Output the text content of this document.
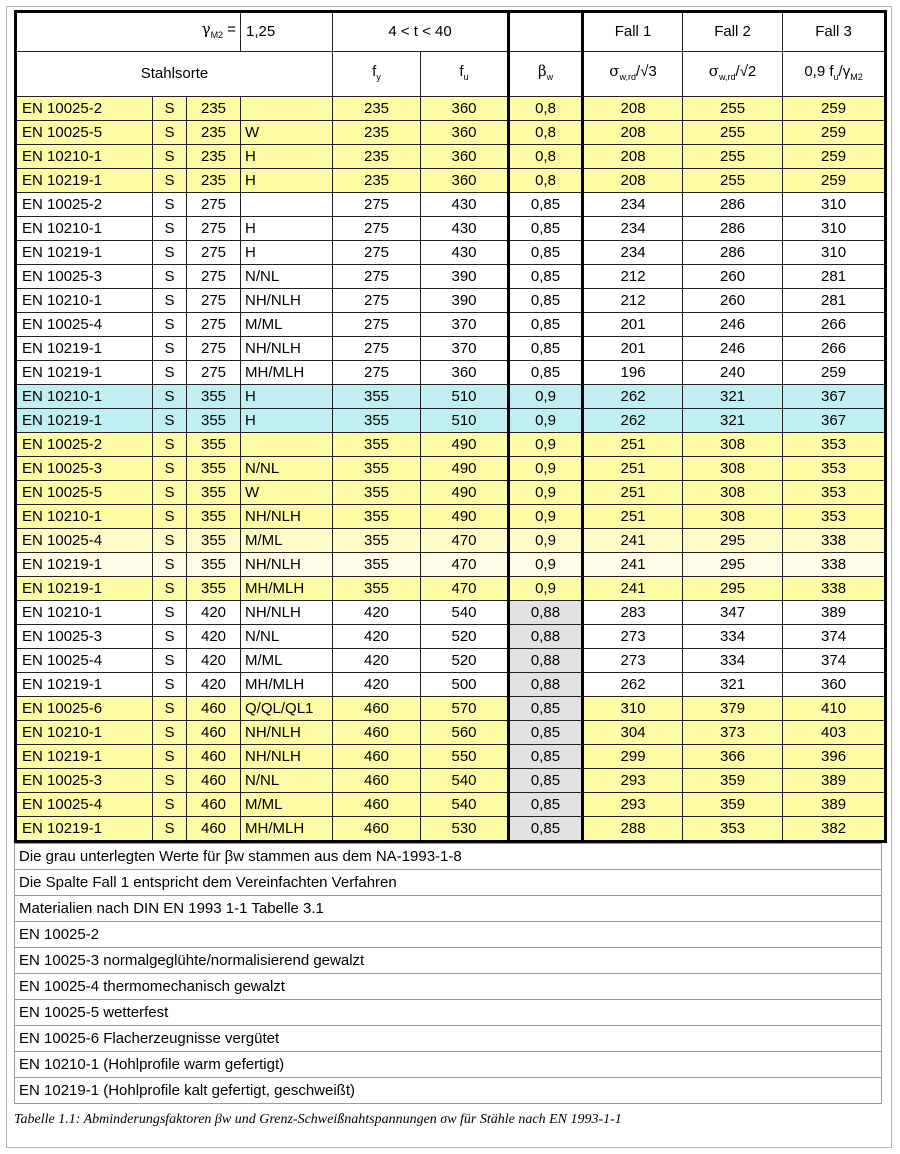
$\gamma_{M2}$ =			1,25	4 < t < 40			Fall 1	Fall 2	Fall 3
Stahlsorte				$f_y$	$f_u$	$\beta_w$	$\sigma_{w,rd}/√3$	$\sigma_{w,rd}/√2$	0,9 $f_u/\gamma_{M2}$
EN 10025-2	S	235		235	360	0,8	208	255	259
EN 10025-5	S	235	W	235	360	0,8	208	255	259
EN 10210-1	S	235	H	235	360	0,8	208	255	259
EN 10219-1	S	235	H	235	360	0,8	208	255	259
EN 10025-2	S	275		275	430	0,85	234	286	310
EN 10210-1	S	275	H	275	430	0,85	234	286	310
EN 10219-1	S	275	H	275	430	0,85	234	286	310
EN 10025-3	S	275	N/NL	275	390	0,85	212	260	281
EN 10210-1	S	275	NH/NLH	275	390	0,85	212	260	281
EN 10025-4	S	275	M/ML	275	370	0,85	201	246	266
EN 10219-1	S	275	NH/NLH	275	370	0,85	201	246	266
EN 10219-1	S	275	MH/MLH	275	360	0,85	196	240	259
EN 10210-1	S	355	H	355	510	0,9	262	321	367
EN 10219-1	S	355	H	355	510	0,9	262	321	367
EN 10025-2	S	355		355	490	0,9	251	308	353
EN 10025-3	S	355	N/NL	355	490	0,9	251	308	353
EN 10025-5	S	355	W	355	490	0,9	251	308	353
EN 10210-1	S	355	NH/NLH	355	490	0,9	251	308	353
EN 10025-4	S	355	M/ML	355	470	0,9	241	295	338
EN 10219-1	S	355	NH/NLH	355	470	0,9	241	295	338
EN 10219-1	S	355	MH/MLH	355	470	0,9	241	295	338
EN 10210-1	S	420	NH/NLH	420	540	0,88	283	347	389
EN 10025-3	S	420	N/NL	420	520	0,88	273	334	374
EN 10025-4	S	420	M/ML	420	520	0,88	273	334	374
EN 10219-1	S	420	MH/MLH	420	500	0,88	262	321	360
EN 10025-6	S	460	Q/QL/QL1	460	570	0,85	310	379	410
EN 10210-1	S	460	NH/NLH	460	560	0,85	304	373	403
EN 10219-1	S	460	NH/NLH	460	550	0,85	299	366	396
EN 10025-3	S	460	N/NL	460	540	0,85	293	359	389
EN 10025-4	S	460	M/ML	460	540	0,85	293	359	389
EN 10219-1	S	460	MH/MLH	460	530	0,85	288	353	382
Die grau unterlegten Werte für βw stammen aus dem NA-1993-1-8
Die Spalte Fall 1 entspricht dem Vereinfachten Verfahren
Materialien nach DIN EN 1993 1-1 Tabelle 3.1
EN 10025-2
EN 10025-3 normalgeglühte/normalisierend gewalzt
EN 10025-4 thermomechanisch gewalzt
EN 10025-5 wetterfest
EN 10025-6 Flacherzeugnisse vergütet
EN 10210-1 (Hohlprofile warm gefertigt)
EN 10219-1 (Hohlprofile kalt gefertigt, geschweißt)
Tabelle 1.1: Abminderungsfaktoren βw und Grenz-Schweißnahtspannungen σw für Stähle nach EN 1993-1-1
